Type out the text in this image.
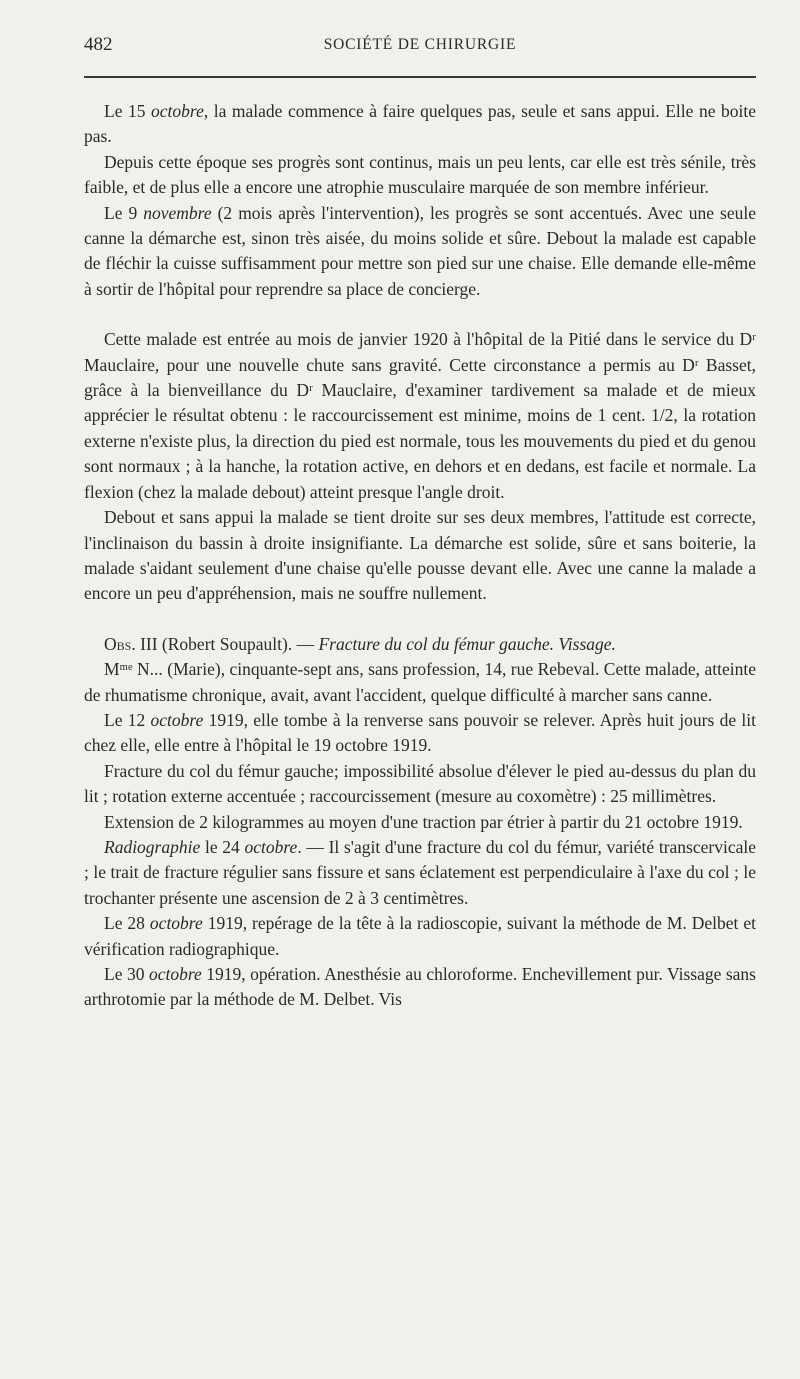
482	SOCIÉTÉ DE CHIRURGIE

Le 15 octobre, la malade commence à faire quelques pas, seule et sans appui. Elle ne boite pas.

Depuis cette époque ses progrès sont continus, mais un peu lents, car elle est très sénile, très faible, et de plus elle a encore une atrophie musculaire marquée de son membre inférieur.

Le 9 novembre (2 mois après l'intervention), les progrès se sont accentués. Avec une seule canne la démarche est, sinon très aisée, du moins solide et sûre. Debout la malade est capable de fléchir la cuisse suffisamment pour mettre son pied sur une chaise. Elle demande elle-même à sortir de l'hôpital pour reprendre sa place de concierge.

Cette malade est entrée au mois de janvier 1920 à l'hôpital de la Pitié dans le service du Dʳ Mauclaire, pour une nouvelle chute sans gravité. Cette circonstance a permis au Dʳ Basset, grâce à la bienveillance du Dʳ Mauclaire, d'examiner tardivement sa malade et de mieux apprécier le résultat obtenu : le raccourcissement est minime, moins de 1 cent. 1/2, la rotation externe n'existe plus, la direction du pied est normale, tous les mouvements du pied et du genou sont normaux ; à la hanche, la rotation active, en dehors et en dedans, est facile et normale. La flexion (chez la malade debout) atteint presque l'angle droit.

Debout et sans appui la malade se tient droite sur ses deux membres, l'attitude est correcte, l'inclinaison du bassin à droite insignifiante. La démarche est solide, sûre et sans boiterie, la malade s'aidant seulement d'une chaise qu'elle pousse devant elle. Avec une canne la malade a encore un peu d'appréhension, mais ne souffre nullement.

Obs. III (Robert Soupault). — Fracture du col du fémur gauche. Vissage.

Mᵐᵉ N... (Marie), cinquante-sept ans, sans profession, 14, rue Rebeval. Cette malade, atteinte de rhumatisme chronique, avait, avant l'accident, quelque difficulté à marcher sans canne.

Le 12 octobre 1919, elle tombe à la renverse sans pouvoir se relever. Après huit jours de lit chez elle, elle entre à l'hôpital le 19 octobre 1919.

Fracture du col du fémur gauche; impossibilité absolue d'élever le pied au-dessus du plan du lit ; rotation externe accentuée ; raccourcissement (mesure au coxomètre) : 25 millimètres.

Extension de 2 kilogrammes au moyen d'une traction par étrier à partir du 21 octobre 1919.

Radiographie le 24 octobre. — Il s'agit d'une fracture du col du fémur, variété transcervicale ; le trait de fracture régulier sans fissure et sans éclatement est perpendiculaire à l'axe du col ; le trochanter présente une ascension de 2 à 3 centimètres.

Le 28 octobre 1919, repérage de la tête à la radioscopie, suivant la méthode de M. Delbet et vérification radiographique.

Le 30 octobre 1919, opération. Anesthésie au chloroforme. Enchevillement pur. Vissage sans arthrotomie par la méthode de M. Delbet. Vis
